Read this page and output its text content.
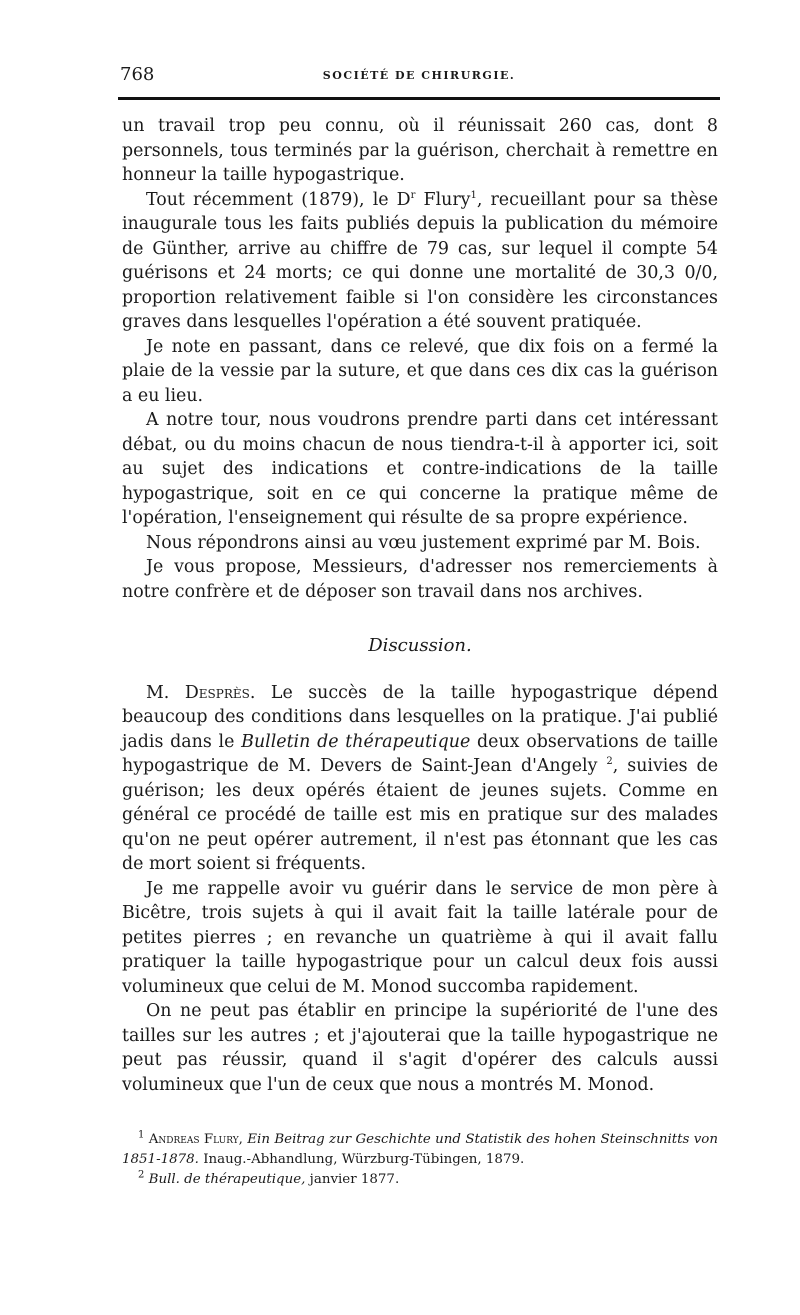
768	SOCIÉTÉ DE CHIRURGIE.

un travail trop peu connu, où il réunissait 260 cas, dont 8 personnels, tous terminés par la guérison, cherchait à remettre en honneur la taille hypogastrique.

Tout récemment (1879), le $D^r$ Flury$^1$, recueillant pour sa thèse inaugurale tous les faits publiés depuis la publication du mémoire de Günther, arrive au chiffre de 79 cas, sur lequel il compte 54 guérisons et 24 morts; ce qui donne une mortalité de 30,3 0/0, proportion relativement faible si l'on considère les circonstances graves dans lesquelles l'opération a été souvent pratiquée.

Je note en passant, dans ce relevé, que dix fois on a fermé la plaie de la vessie par la suture, et que dans ces dix cas la guérison a eu lieu.

A notre tour, nous voudrons prendre parti dans cet intéressant débat, ou du moins chacun de nous tiendra-t-il à apporter ici, soit au sujet des indications et contre-indications de la taille hypogastrique, soit en ce qui concerne la pratique même de l'opération, l'enseignement qui résulte de sa propre expérience.

Nous répondrons ainsi au vœu justement exprimé par M. Bois.

Je vous propose, Messieurs, d'adresser nos remerciements à notre confrère et de déposer son travail dans nos archives.

Discussion.

M. Desprès. Le succès de la taille hypogastrique dépend beaucoup des conditions dans lesquelles on la pratique. J'ai publié jadis dans le Bulletin de thérapeutique deux observations de taille hypogastrique de M. Devers de Saint-Jean d'Angely $^2$, suivies de guérison; les deux opérés étaient de jeunes sujets. Comme en général ce procédé de taille est mis en pratique sur des malades qu'on ne peut opérer autrement, il n'est pas étonnant que les cas de mort soient si fréquents.

Je me rappelle avoir vu guérir dans le service de mon père à Bicêtre, trois sujets à qui il avait fait la taille latérale pour de petites pierres ; en revanche un quatrième à qui il avait fallu pratiquer la taille hypogastrique pour un calcul deux fois aussi volumineux que celui de M. Monod succomba rapidement.

On ne peut pas établir en principe la supériorité de l'une des tailles sur les autres ; et j'ajouterai que la taille hypogastrique ne peut pas réussir, quand il s'agit d'opérer des calculs aussi volumineux que l'un de ceux que nous a montrés M. Monod.

$^1$ Andreas Flury, Ein Beitrag zur Geschichte und Statistik des hohen Steinschnitts von 1851-1878. Inaug.-Abhandlung, Würzburg-Tübingen, 1879.

$^2$ Bull. de thérapeutique, janvier 1877.
